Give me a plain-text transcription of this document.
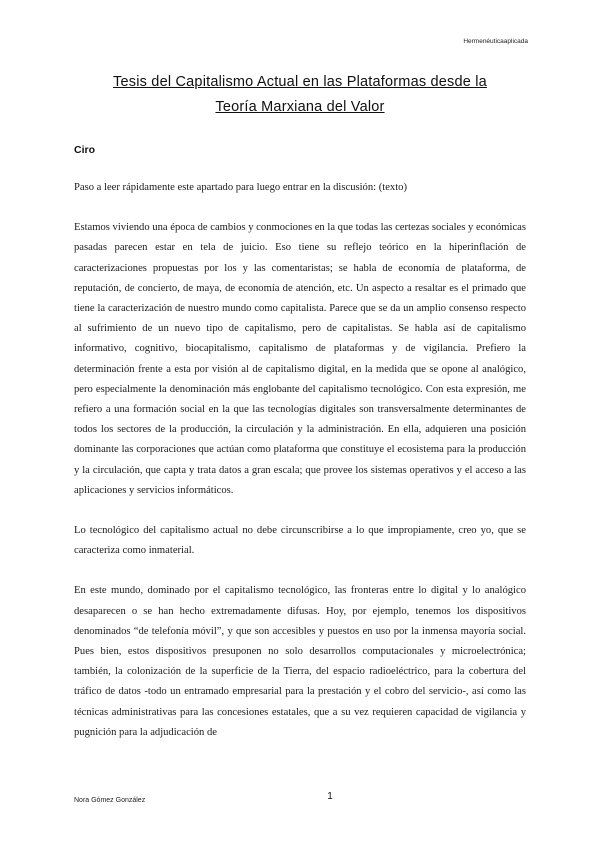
Hermenéuticaaplicada
Tesis del Capitalismo Actual en las Plataformas desde la
Teoría Marxiana del Valor
Ciro

Paso a leer rápidamente este apartado para luego entrar en la discusión: (texto)

Estamos viviendo una época de cambios y conmociones en la que todas las certezas sociales y económicas pasadas parecen estar en tela de juicio. Eso tiene su reflejo teórico en la hiperinflación de caracterizaciones propuestas por los y las comentaristas; se habla de economía de plataforma, de reputación, de concierto, de maya, de economía de atención, etc. Un aspecto a resaltar es el primado que tiene la caracterización de nuestro mundo como capitalista. Parece que se da un amplio consenso respecto al sufrimiento de un nuevo tipo de capitalismo, pero de capitalistas. Se habla así de capitalismo informativo, cognitivo, biocapitalismo, capitalismo de plataformas y de vigilancia. Prefiero la determinación frente a esta por visión al de capitalismo digital, en la medida que se opone al analógico, pero especialmente la denominación más englobante del capitalismo tecnológico. Con esta expresión, me refiero a una formación social en la que las tecnologías digitales son transversalmente determinantes de todos los sectores de la producción, la circulación y la administración. En ella, adquieren una posición dominante las corporaciones que actúan como plataforma que constituye el ecosistema para la producción y la circulación, que capta y trata datos a gran escala; que provee los sistemas operativos y el acceso a las aplicaciones y servicios informáticos.

Lo tecnológico del capitalismo actual no debe circunscribirse a lo que impropiamente, creo yo, que se caracteriza como inmaterial.

En este mundo, dominado por el capitalismo tecnológico, las fronteras entre lo digital y lo analógico desaparecen o se han hecho extremadamente difusas. Hoy, por ejemplo, tenemos los dispositivos denominados “de telefonía móvil”, y que son accesibles y puestos en uso por la inmensa mayoría social. Pues bien, estos dispositivos presuponen no solo desarrollos computacionales y microelectrónica; también, la colonización de la superficie de la Tierra, del espacio radioeléctrico, para la cobertura del tráfico de datos -todo un entramado empresarial para la prestación y el cobro del servicio-, así como las técnicas administrativas para las concesiones estatales, que a su vez requieren capacidad de vigilancia y pugnición para la adjudicación de

Nora Gómez González	1
